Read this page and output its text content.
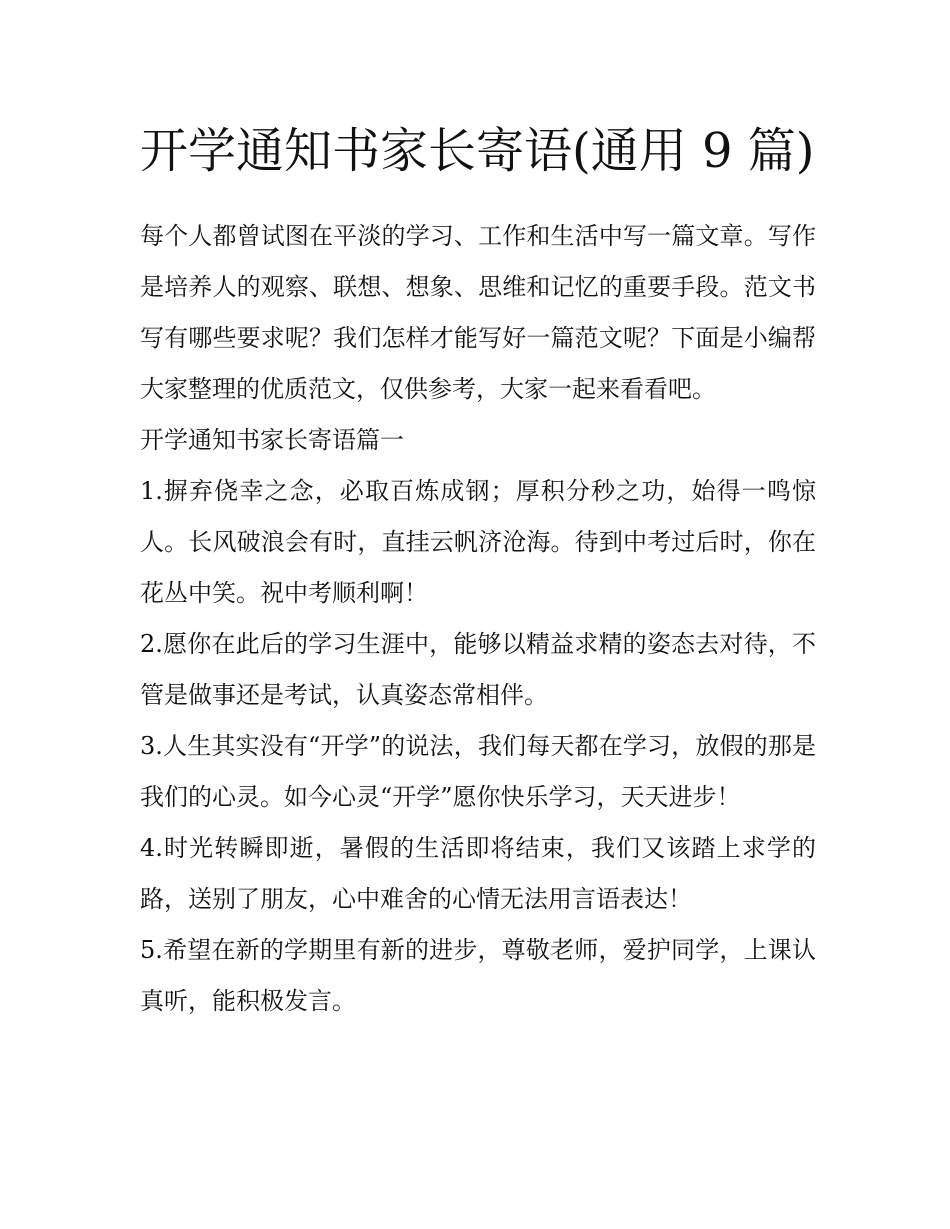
开学通知书家长寄语(通用 9 篇)

每个人都曾试图在平淡的学习、工作和生活中写一篇文章。写作是培养人的观察、联想、想象、思维和记忆的重要手段。范文书写有哪些要求呢？我们怎样才能写好一篇范文呢？下面是小编帮大家整理的优质范文，仅供参考，大家一起来看看吧。

开学通知书家长寄语篇一

1.摒弃侥幸之念，必取百炼成钢；厚积分秒之功，始得一鸣惊人。长风破浪会有时，直挂云帆济沧海。待到中考过后时，你在花丛中笑。祝中考顺利啊！

2.愿你在此后的学习生涯中，能够以精益求精的姿态去对待，不管是做事还是考试，认真姿态常相伴。

3.人生其实没有“开学”的说法，我们每天都在学习，放假的那是我们的心灵。如今心灵“开学”愿你快乐学习，天天进步！

4.时光转瞬即逝，暑假的生活即将结束，我们又该踏上求学的路，送别了朋友，心中难舍的心情无法用言语表达！

5.希望在新的学期里有新的进步，尊敬老师，爱护同学，上课认真听，能积极发言。
